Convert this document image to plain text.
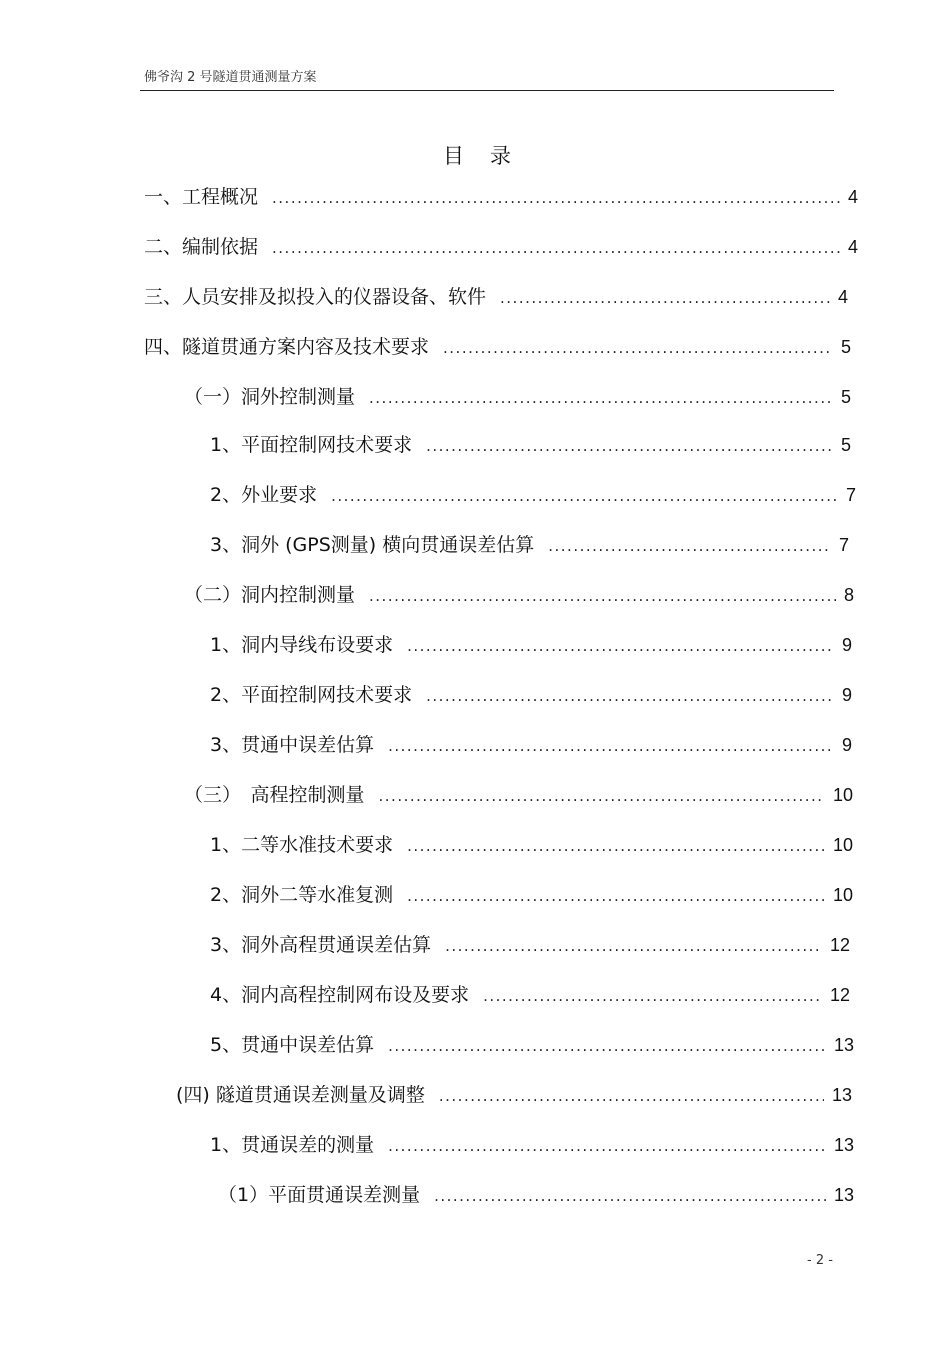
佛爷沟 2 号隧道贯通测量方案
目录
一、工程概况 .....	4
二、编制依据 .....	4
三、人员安排及拟投入的仪器设备、软件 .....	4
四、隧道贯通方案内容及技术要求 .....	5
（一）洞外控制测量 .....	5
1、平面控制网技术要求 .....	5
2、外业要求 .....	7
3、洞外 (GPS测量) 横向贯通误差估算 .....	7
（二）洞内控制测量 .....	8
1、洞内导线布设要求 .....	9
2、平面控制网技术要求 .....	9
3、贯通中误差估算 .....	9
（三）　高程控制测量 .....	10
1、二等水准技术要求 .....	10
2、洞外二等水准复测 .....	10
3、洞外高程贯通误差估算 .....	12
4、洞内高程控制网布设及要求 .....	12
5、贯通中误差估算 .....	13
(四) 隧道贯通误差测量及调整 .....	13
1、贯通误差的测量 .....	13
（1）平面贯通误差测量 .....	13
- 2 -
